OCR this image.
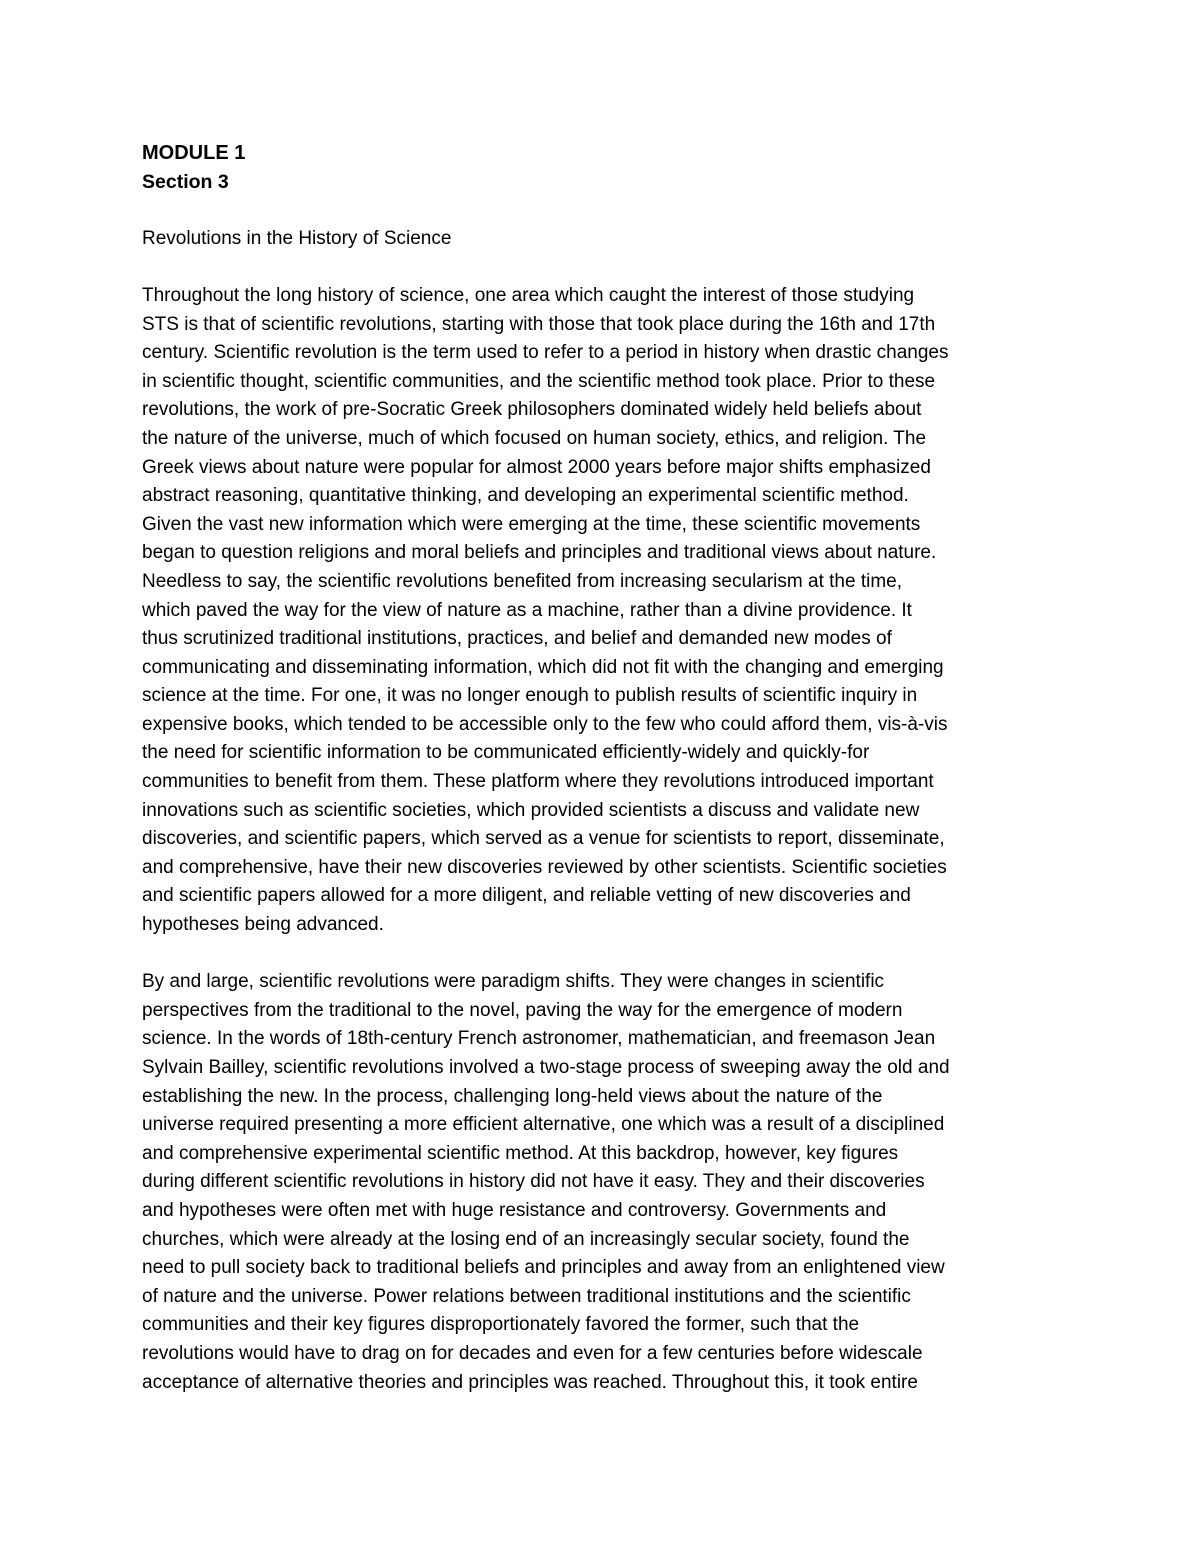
MODULE 1
Section 3
Revolutions in the History of Science
Throughout the long history of science, one area which caught the interest of those studying
STS is that of scientific revolutions, starting with those that took place during the 16th and 17th
century. Scientific revolution is the term used to refer to a period in history when drastic changes
in scientific thought, scientific communities, and the scientific method took place. Prior to these
revolutions, the work of pre-Socratic Greek philosophers dominated widely held beliefs about
the nature of the universe, much of which focused on human society, ethics, and religion. The
Greek views about nature were popular for almost 2000 years before major shifts emphasized
abstract reasoning, quantitative thinking, and developing an experimental scientific method.
Given the vast new information which were emerging at the time, these scientific movements
began to question religions and moral beliefs and principles and traditional views about nature.
Needless to say, the scientific revolutions benefited from increasing secularism at the time,
which paved the way for the view of nature as a machine, rather than a divine providence. It
thus scrutinized traditional institutions, practices, and belief and demanded new modes of
communicating and disseminating information, which did not fit with the changing and emerging
science at the time. For one, it was no longer enough to publish results of scientific inquiry in
expensive books, which tended to be accessible only to the few who could afford them, vis-à-vis
the need for scientific information to be communicated efficiently-widely and quickly-for
communities to benefit from them. These platform where they revolutions introduced important
innovations such as scientific societies, which provided scientists a discuss and validate new
discoveries, and scientific papers, which served as a venue for scientists to report, disseminate,
and comprehensive, have their new discoveries reviewed by other scientists. Scientific societies
and scientific papers allowed for a more diligent, and reliable vetting of new discoveries and
hypotheses being advanced.
By and large, scientific revolutions were paradigm shifts. They were changes in scientific
perspectives from the traditional to the novel, paving the way for the emergence of modern
science. In the words of 18th-century French astronomer, mathematician, and freemason Jean
Sylvain Bailley, scientific revolutions involved a two-stage process of sweeping away the old and
establishing the new. In the process, challenging long-held views about the nature of the
universe required presenting a more efficient alternative, one which was a result of a disciplined
and comprehensive experimental scientific method. At this backdrop, however, key figures
during different scientific revolutions in history did not have it easy. They and their discoveries
and hypotheses were often met with huge resistance and controversy. Governments and
churches, which were already at the losing end of an increasingly secular society, found the
need to pull society back to traditional beliefs and principles and away from an enlightened view
of nature and the universe. Power relations between traditional institutions and the scientific
communities and their key figures disproportionately favored the former, such that the
revolutions would have to drag on for decades and even for a few centuries before widescale
acceptance of alternative theories and principles was reached. Throughout this, it took entire
